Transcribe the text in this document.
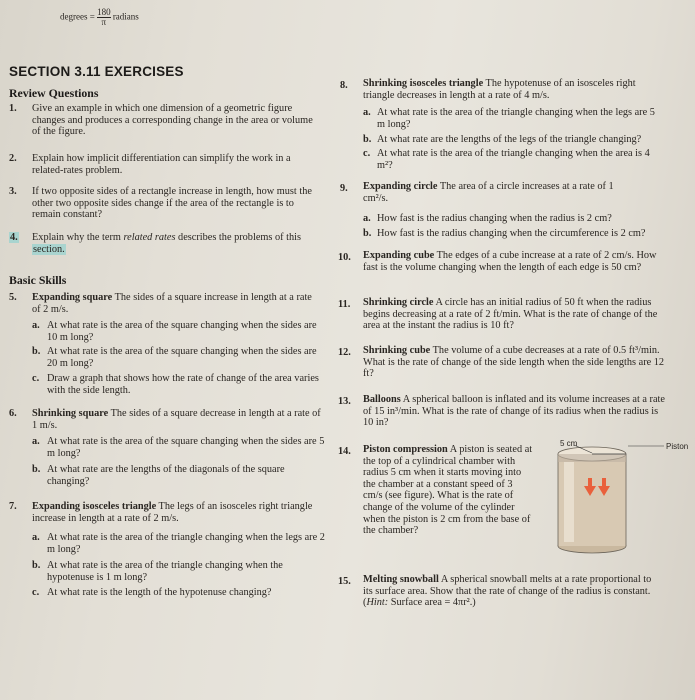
degrees = $\frac{180}{\pi}$ radians
SECTION 3.11 EXERCISES
Review Questions
1. Give an example in which one dimension of a geometric figure changes and produces a corresponding change in the area or volume of the figure.
2. Explain how implicit differentiation can simplify the work in a related-rates problem.
3. If two opposite sides of a rectangle increase in length, how must the other two opposite sides change if the area of the rectangle is to remain constant?
4. Explain why the term related rates describes the problems of this
section.
Basic Skills
5. Expanding square The sides of a square increase in length at a rate of 2 m/s.
a. At what rate is the area of the square changing when the sides are 10 m long?
b. At what rate is the area of the square changing when the sides are 20 m long?
c. Draw a graph that shows how the rate of change of the area varies with the side length.
6. Shrinking square The sides of a square decrease in length at a rate of 1 m/s.
a. At what rate is the area of the square changing when the sides are 5 m long?
b. At what rate are the lengths of the diagonals of the square changing?
7. Expanding isosceles triangle The legs of an isosceles right triangle increase in length at a rate of 2 m/s.
a. At what rate is the area of the triangle changing when the legs are 2 m long?
b. At what rate is the area of the triangle changing when the hypotenuse is 1 m long?
c. At what rate is the length of the hypotenuse changing?
8. Shrinking isosceles triangle The hypotenuse of an isosceles right triangle decreases in length at a rate of 4 m/s.
a. At what rate is the area of the triangle changing when the legs are 5 m long?
b. At what rate are the lengths of the legs of the triangle changing?
c. At what rate is the area of the triangle changing when the area is 4 m²?
9. Expanding circle The area of a circle increases at a rate of 1 cm²/s.
a. How fast is the radius changing when the radius is 2 cm?
b. How fast is the radius changing when the circumference is 2 cm?
10. Expanding cube The edges of a cube increase at a rate of 2 cm/s. How fast is the volume changing when the length of each edge is 50 cm?
11. Shrinking circle A circle has an initial radius of 50 ft when the radius begins decreasing at a rate of 2 ft/min. What is the rate of change of the area at the instant the radius is 10 ft?
12. Shrinking cube The volume of a cube decreases at a rate of 0.5 ft³/min. What is the rate of change of the side length when the side lengths are 12 ft?
13. Balloons A spherical balloon is inflated and its volume increases at a rate of 15 in³/min. What is the rate of change of its radius when the radius is 10 in?
14. Piston compression A piston is seated at the top of a cylindrical chamber with radius 5 cm when it starts moving into the chamber at a constant speed of 3 cm/s (see figure). What is the rate of change of the volume of the cylinder when the piston is 2 cm from the base of the chamber?
5 cm	Piston
15. Melting snowball A spherical snowball melts at a rate proportional to its surface area. Show that the rate of change of the radius is constant. (Hint: Surface area = 4πr².)
